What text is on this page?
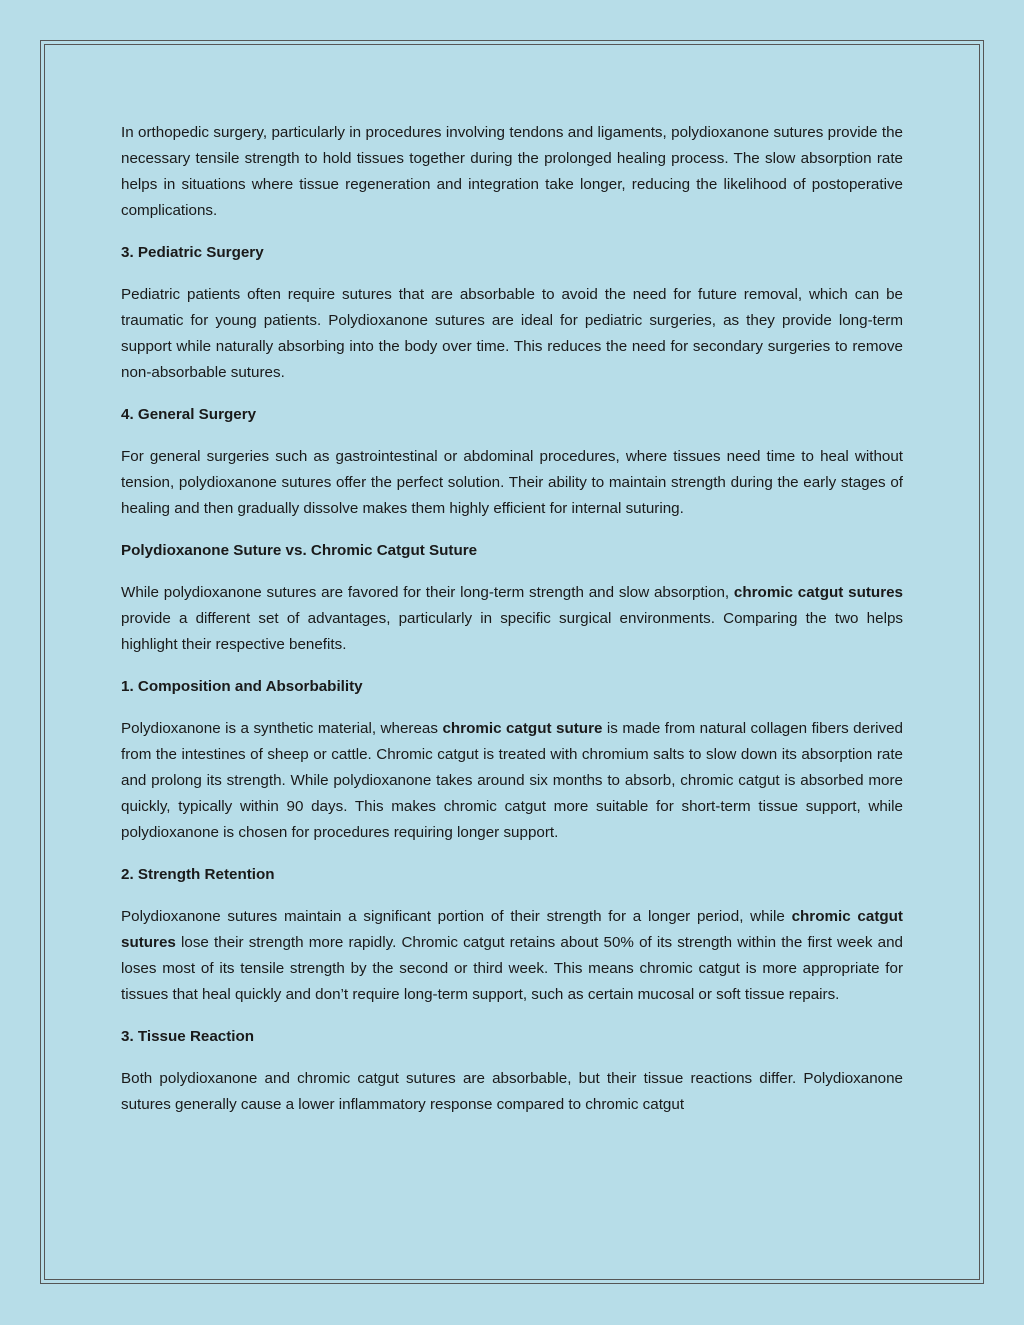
In orthopedic surgery, particularly in procedures involving tendons and ligaments, polydioxanone sutures provide the necessary tensile strength to hold tissues together during the prolonged healing process. The slow absorption rate helps in situations where tissue regeneration and integration take longer, reducing the likelihood of postoperative complications.

3. Pediatric Surgery

Pediatric patients often require sutures that are absorbable to avoid the need for future removal, which can be traumatic for young patients. Polydioxanone sutures are ideal for pediatric surgeries, as they provide long-term support while naturally absorbing into the body over time. This reduces the need for secondary surgeries to remove non-absorbable sutures.

4. General Surgery

For general surgeries such as gastrointestinal or abdominal procedures, where tissues need time to heal without tension, polydioxanone sutures offer the perfect solution. Their ability to maintain strength during the early stages of healing and then gradually dissolve makes them highly efficient for internal suturing.

Polydioxanone Suture vs. Chromic Catgut Suture

While polydioxanone sutures are favored for their long-term strength and slow absorption, chromic catgut sutures provide a different set of advantages, particularly in specific surgical environments. Comparing the two helps highlight their respective benefits.

1. Composition and Absorbability

Polydioxanone is a synthetic material, whereas chromic catgut suture is made from natural collagen fibers derived from the intestines of sheep or cattle. Chromic catgut is treated with chromium salts to slow down its absorption rate and prolong its strength. While polydioxanone takes around six months to absorb, chromic catgut is absorbed more quickly, typically within 90 days. This makes chromic catgut more suitable for short-term tissue support, while polydioxanone is chosen for procedures requiring longer support.

2. Strength Retention

Polydioxanone sutures maintain a significant portion of their strength for a longer period, while chromic catgut sutures lose their strength more rapidly. Chromic catgut retains about 50% of its strength within the first week and loses most of its tensile strength by the second or third week. This means chromic catgut is more appropriate for tissues that heal quickly and don’t require long-term support, such as certain mucosal or soft tissue repairs.

3. Tissue Reaction

Both polydioxanone and chromic catgut sutures are absorbable, but their tissue reactions differ. Polydioxanone sutures generally cause a lower inflammatory response compared to chromic catgut
